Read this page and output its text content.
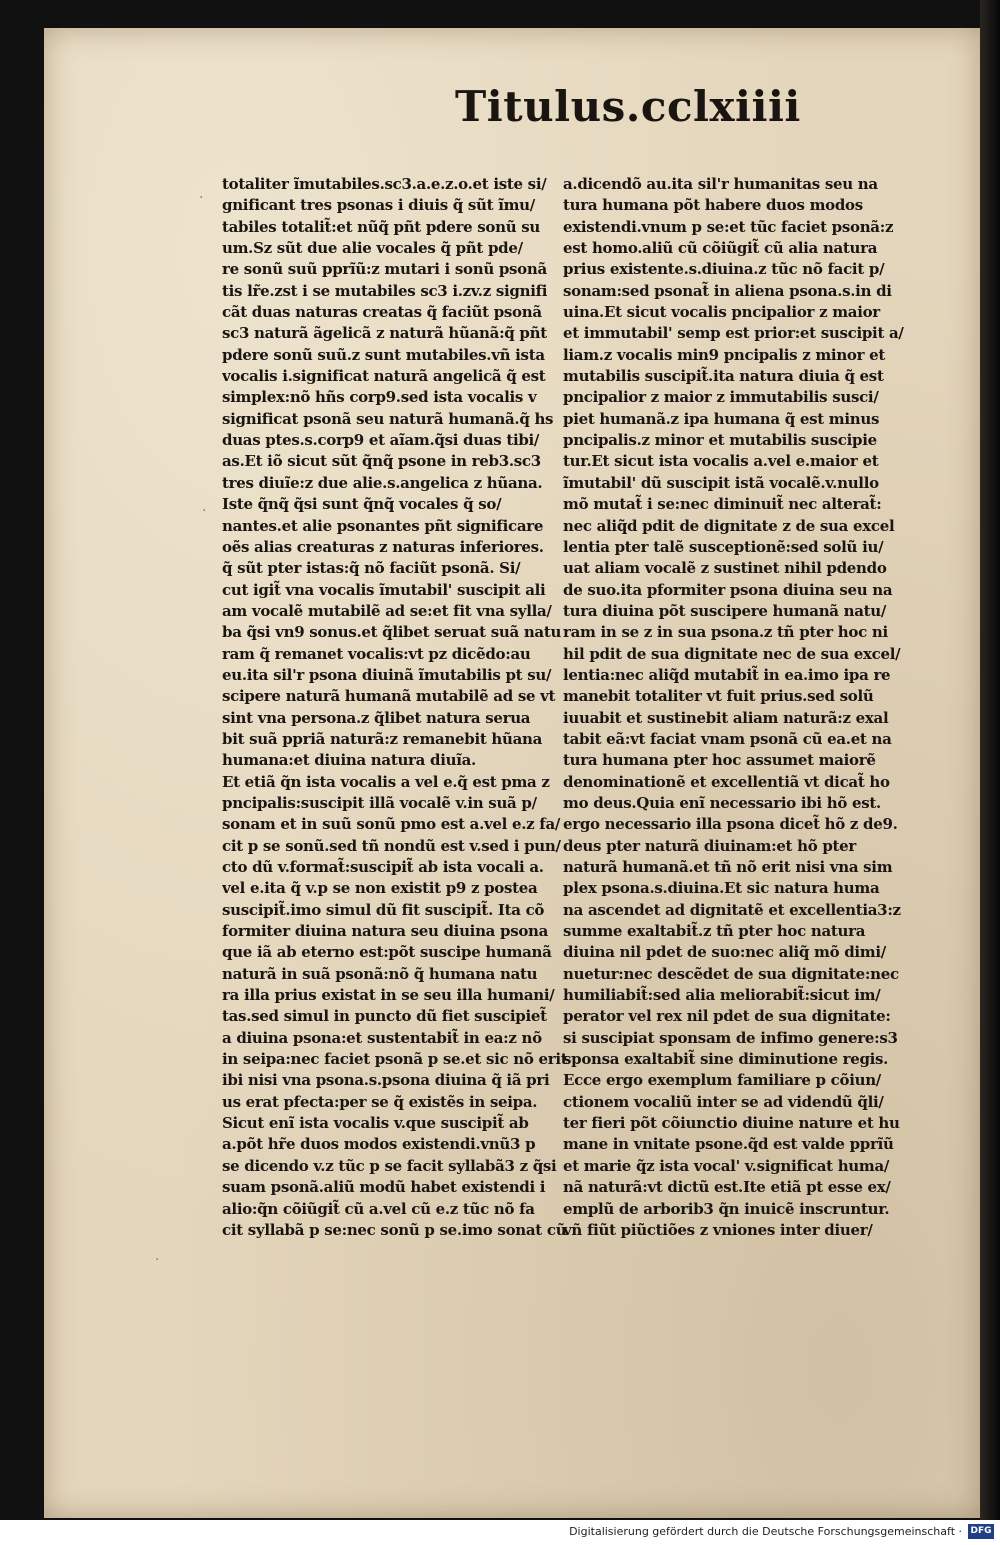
Titulus.cclxiiii
·
·
·
totaliter ĩmutabiles.sc3.a.e.z.o.et iste si/
gnificant tres psonas i diuis q̃ sũt ĩmu/
tabiles totalit̃:et nũq̃ pñt pdere sonũ su
um.Sz sũt due alie vocales q̃ pñt pde/
re sonũ suũ pprĩũ:z mutari i sonũ psonã
tis lr̃e.zst i se mutabiles sc3 i.zv.z signifi
cãt duas naturas creatas q̃ faciũt psonã
sc3 naturã ãgelicã z naturã hũanã:q̃ pñt
pdere sonũ suũ.z sunt mutabiles.vñ ista
vocalis i.significat naturã angelicã q̃ est
simplex:nõ hñs corp9.sed ista vocalis v
significat psonã seu naturã humanã.q̃ hs
duas ptes.s.corp9 et aĩam.q̃si duas tibi/
as.Et iõ sicut sũt q̃nq̃ psone in reb3.sc3
tres diuĩe:z due alie.s.angelica z hũana.
Iste q̃nq̃ q̃si sunt q̃nq̃ vocales q̃ so/
nantes.et alie psonantes pñt significare
oẽs alias creaturas z naturas inferiores.
q̃ sũt pter istas:q̃ nõ faciũt psonã. Si/
cut igit̃ vna vocalis ĩmutabil' suscipit ali
am vocalẽ mutabilẽ ad se:et fit vna sylla/
ba q̃si vn9 sonus.et q̃libet seruat suã natu
ram q̃ remanet vocalis:vt pz dicẽdo:au
eu.ita sil'r psona diuinã ĩmutabilis pt su/
scipere naturã humanã mutabilẽ ad se vt
sint vna persona.z q̃libet natura serua
bit suã ppriã naturã:z remanebit hũana
humana:et diuina natura diuĩa.
Et etiã q̃n ista vocalis a vel e.q̃ est pma z
pncipalis:suscipit illã vocalẽ v.in suã p/
sonam et in suũ sonũ pmo est a.vel e.z fa/
cit p se sonũ.sed tñ nondũ est v.sed i pun/
cto dũ v.format̃:suscipit̃ ab ista vocali a.
vel e.ita q̃ v.p se non existit p9 z postea
suscipit̃.imo simul dũ fit suscipit̃. Ita cõ
formiter diuina natura seu diuina psona
que iã ab eterno est:põt suscipe humanã
naturã in suã psonã:nõ q̃ humana natu
ra illa prius existat in se seu illa humani/
tas.sed simul in puncto dũ fiet suscipiet̃
a diuina psona:et sustentabit̃ in ea:z nõ
in seipa:nec faciet psonã p se.et sic nõ erit
ibi nisi vna psona.s.psona diuina q̃ iã pri
us erat pfecta:per se q̃ existẽs in seipa.
Sicut enĩ ista vocalis v.que suscipit̃ ab
a.põt hr̃e duos modos existendi.vnũ3 p
se dicendo v.z tũc p se facit syllabã3 z q̃si
suam psonã.aliũ modũ habet existendi i
alio:q̃n cõiũgit̃ cũ a.vel cũ e.z tũc nõ fa
cit syllabã p se:nec sonũ p se.imo sonat cũ
a.dicendõ au.ita sil'r humanitas seu na
tura humana põt habere duos modos
existendi.vnum p se:et tũc faciet psonã:z
est homo.aliũ cũ cõiũgit̃ cũ alia natura
prius existente.s.diuina.z tũc nõ facit p/
sonam:sed psonat̃ in aliena psona.s.in di
uina.Et sicut vocalis pncipalior z maior
et immutabil' semp est prior:et suscipit a/
liam.z vocalis min9 pncipalis z minor et
mutabilis suscipit̃.ita natura diuia q̃ est
pncipalior z maior z immutabilis susci/
piet humanã.z ipa humana q̃ est minus
pncipalis.z minor et mutabilis suscipie
tur.Et sicut ista vocalis a.vel e.maior et
ĩmutabil' dũ suscipit istã vocalẽ.v.nullo
mõ mutat̃ i se:nec diminuit̃ nec alterat̃:
nec aliq̃d pdit de dignitate z de sua excel
lentia pter talẽ susceptionẽ:sed solũ iu/
uat aliam vocalẽ z sustinet nihil pdendo
de suo.ita pformiter psona diuina seu na
tura diuina põt suscipere humanã natu/
ram in se z in sua psona.z tñ pter hoc ni
hil pdit de sua dignitate nec de sua excel/
lentia:nec aliq̃d mutabit̃ in ea.imo ipa re
manebit totaliter vt fuit prius.sed solũ
iuuabit et sustinebit aliam naturã:z exal
tabit eã:vt faciat vnam psonã cũ ea.et na
tura humana pter hoc assumet maiorẽ
denominationẽ et excellentiã vt dicat̃ ho
mo deus.Quia enĩ necessario ibi hõ est.
ergo necessario illa psona dicet̃ hõ z de9.
deus pter naturã diuinam:et hõ pter
naturã humanã.et tñ nõ erit nisi vna sim
plex psona.s.diuina.Et sic natura huma
na ascendet ad dignitatẽ et excellentia3:z
summe exaltabit̃.z tñ pter hoc natura
diuina nil pdet de suo:nec aliq̃ mõ dimi/
nuetur:nec descẽdet de sua dignitate:nec
humiliabit̃:sed alia meliorabit̃:sicut im/
perator vel rex nil pdet de sua dignitate:
si suscipiat sponsam de infimo genere:s3
sponsa exaltabit̃ sine diminutione regis.
Ecce ergo exemplum familiare p cõiun/
ctionem vocaliũ inter se ad videndũ q̃li/
ter fieri põt cõiunctio diuine nature et hu
mane in vnitate psone.q̃d est valde pprĩũ
et marie q̃z ista vocal' v.significat huma/
nã naturã:vt dictũ est.Ite etiã pt esse ex/
emplũ de arborib3 q̃n inuicẽ inscruntur.
vñ fiũt piũctiões z vniones inter diuer/
Digitalisierung gefördert durch die Deutsche Forschungsgemeinschaft · DFG
